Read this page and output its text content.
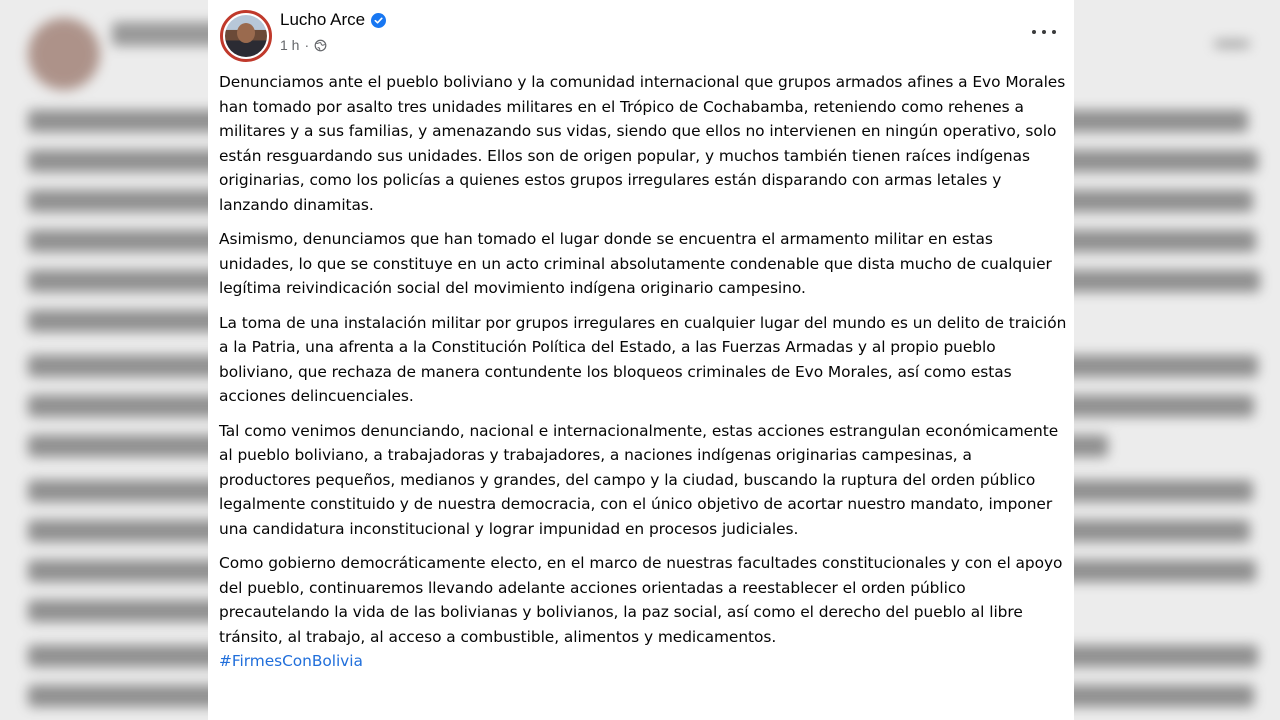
Lucho Arce
1 h ·

Denunciamos ante el pueblo boliviano y la comunidad internacional que grupos armados afines a Evo Morales han tomado por asalto tres unidades militares en el Trópico de Cochabamba, reteniendo como rehenes a militares y a sus familias, y amenazando sus vidas, siendo que ellos no intervienen en ningún operativo, solo están resguardando sus unidades. Ellos son de origen popular, y muchos también tienen raíces indígenas originarias, como los policías a quienes estos grupos irregulares están disparando con armas letales y lanzando dinamitas.

Asimismo, denunciamos que han tomado el lugar donde se encuentra el armamento militar en estas unidades, lo que se constituye en un acto criminal absolutamente condenable que dista mucho de cualquier legítima reivindicación social del movimiento indígena originario campesino.

La toma de una instalación militar por grupos irregulares en cualquier lugar del mundo es un delito de traición a la Patria, una afrenta a la Constitución Política del Estado, a las Fuerzas Armadas y al propio pueblo boliviano, que rechaza de manera contundente los bloqueos criminales de Evo Morales, así como estas acciones delincuenciales.

Tal como venimos denunciando, nacional e internacionalmente, estas acciones estrangulan económicamente al pueblo boliviano, a trabajadoras y trabajadores, a naciones indígenas originarias campesinas, a productores pequeños, medianos y grandes, del campo y la ciudad, buscando la ruptura del orden público legalmente constituido y de nuestra democracia, con el único objetivo de acortar nuestro mandato, imponer una candidatura inconstitucional y lograr impunidad en procesos judiciales.

Como gobierno democráticamente electo, en el marco de nuestras facultades constitucionales y con el apoyo del pueblo, continuaremos llevando adelante acciones orientadas a reestablecer el orden público precautelando la vida de las bolivianas y bolivianos, la paz social, así como el derecho del pueblo al libre tránsito, al trabajo, al acceso a combustible, alimentos y medicamentos.

#FirmesConBolivia
